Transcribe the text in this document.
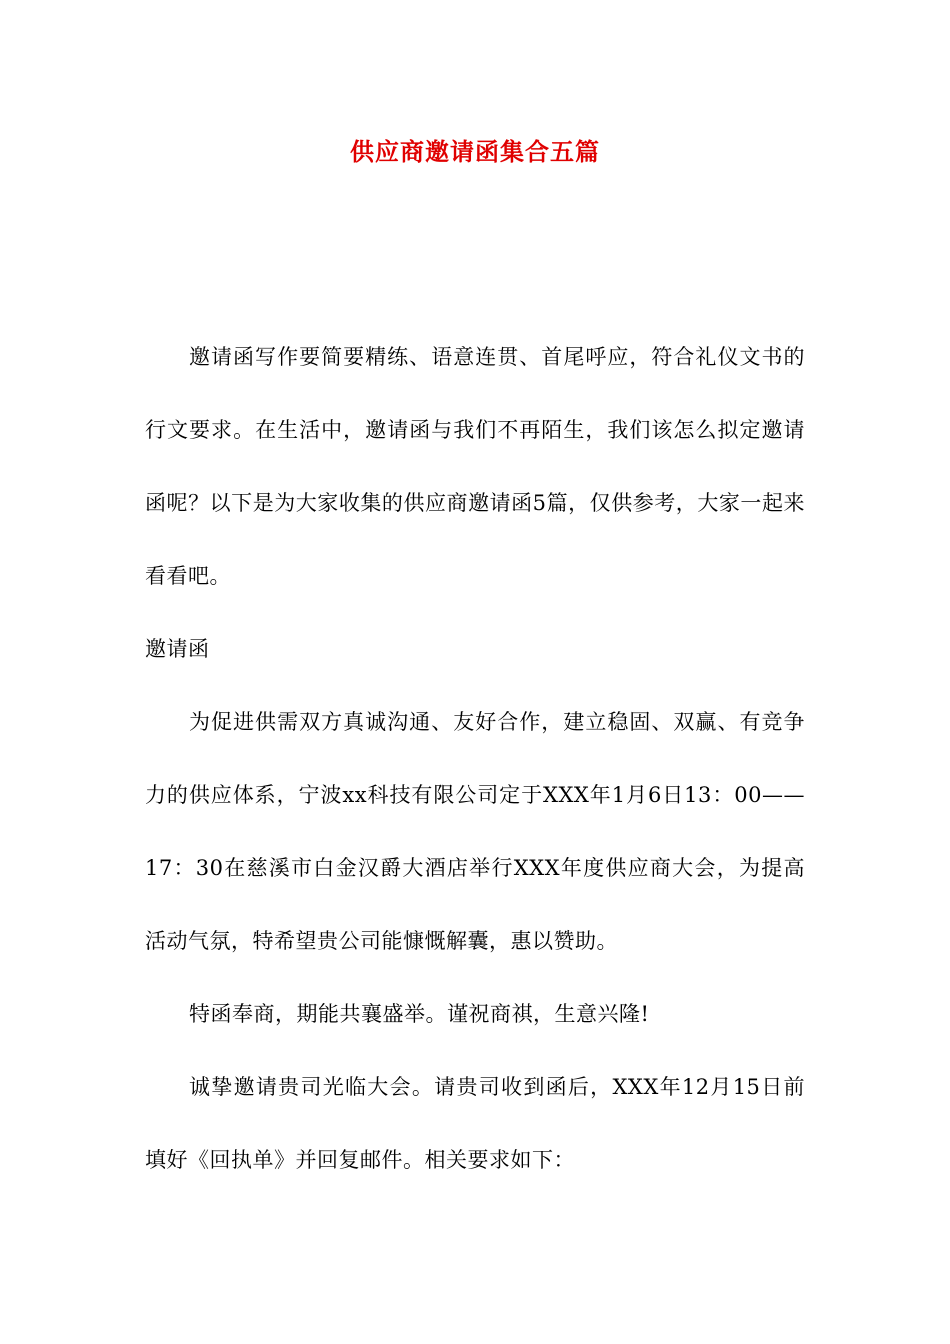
供应商邀请函集合五篇

邀请函写作要简要精练、语意连贯、首尾呼应，符合礼仪文书的行文要求。在生活中，邀请函与我们不再陌生，我们该怎么拟定邀请函呢？以下是为大家收集的供应商邀请函5篇，仅供参考，大家一起来看看吧。

邀请函

为促进供需双方真诚沟通、友好合作，建立稳固、双赢、有竞争力的供应体系，宁波xx科技有限公司定于XXX年1月6日13：00——17：30在慈溪市白金汉爵大酒店举行XXX年度供应商大会，为提高活动气氛，特希望贵公司能慷慨解囊，惠以赞助。

特函奉商，期能共襄盛举。谨祝商祺，生意兴隆!

诚挚邀请贵司光临大会。请贵司收到函后，XXX年12月15日前填好《回执单》并回复邮件。相关要求如下：
